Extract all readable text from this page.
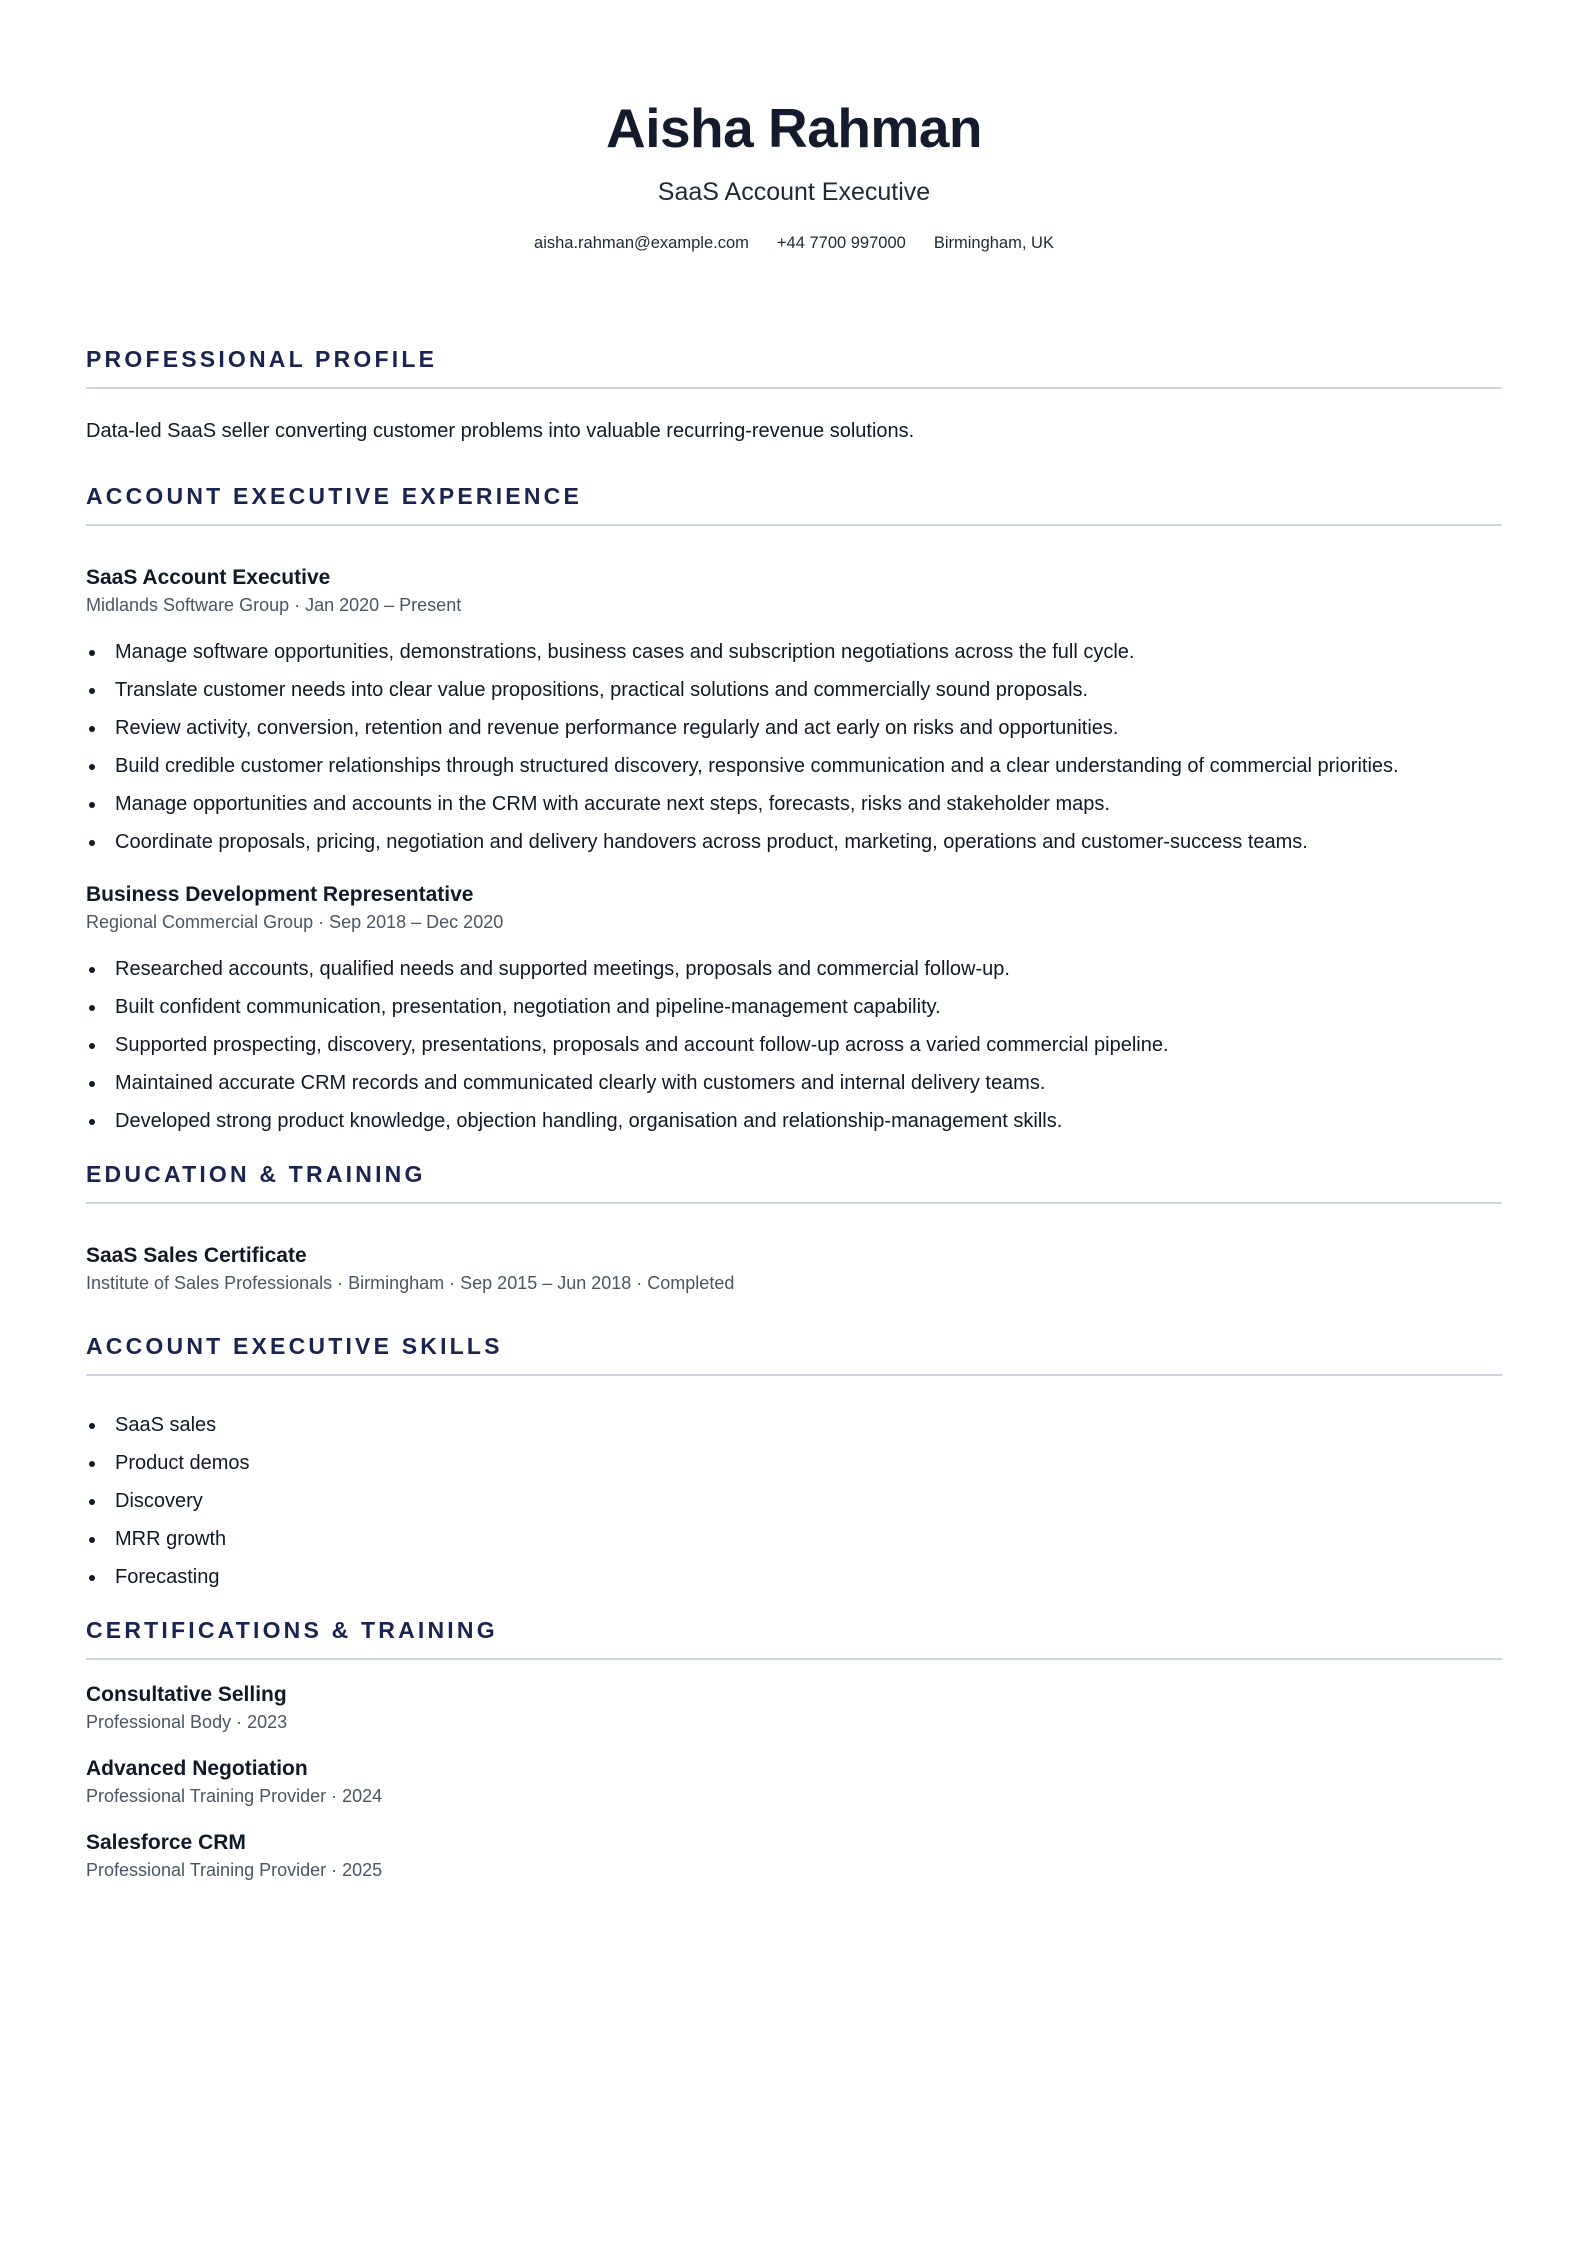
Aisha Rahman
SaaS Account Executive
aisha.rahman@example.com +44 7700 997000 Birmingham, UK
PROFESSIONAL PROFILE

Data-led SaaS seller converting customer problems into valuable recurring-revenue solutions.

ACCOUNT EXECUTIVE EXPERIENCE
SaaS Account Executive
Midlands Software Group · Jan 2020 – Present
Manage software opportunities, demonstrations, business cases and subscription negotiations across the full cycle.
Translate customer needs into clear value propositions, practical solutions and commercially sound proposals.
Review activity, conversion, retention and revenue performance regularly and act early on risks and opportunities.
Build credible customer relationships through structured discovery, responsive communication and a clear understanding of commercial priorities.
Manage opportunities and accounts in the CRM with accurate next steps, forecasts, risks and stakeholder maps.
Coordinate proposals, pricing, negotiation and delivery handovers across product, marketing, operations and customer-success teams.
Business Development Representative
Regional Commercial Group · Sep 2018 – Dec 2020
Researched accounts, qualified needs and supported meetings, proposals and commercial follow-up.
Built confident communication, presentation, negotiation and pipeline-management capability.
Supported prospecting, discovery, presentations, proposals and account follow-up across a varied commercial pipeline.
Maintained accurate CRM records and communicated clearly with customers and internal delivery teams.
Developed strong product knowledge, objection handling, organisation and relationship-management skills.
EDUCATION & TRAINING
SaaS Sales Certificate
Institute of Sales Professionals · Birmingham · Sep 2015 – Jun 2018 · Completed
ACCOUNT EXECUTIVE SKILLS
SaaS sales
Product demos
Discovery
MRR growth
Forecasting
CERTIFICATIONS & TRAINING
Consultative Selling
Professional Body · 2023
Advanced Negotiation
Professional Training Provider · 2024
Salesforce CRM
Professional Training Provider · 2025
